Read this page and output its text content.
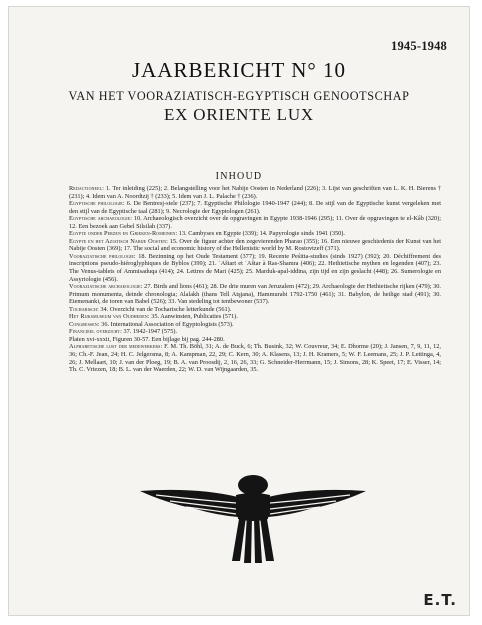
1945-1948
JAARBERICHT N° 10
VAN HET VOORAZIATISCH-EGYPTISCH GENOOTSCHAP
EX ORIENTE LUX
INHOUD

Redactioneel: 1. Ter inleiding (225); 2. Belangstelling voor het Nabije Oosten in Nederland (226); 3. Lijst van geschriften van L. K. H. Bierens † (231); 4. Idem van A. Noordtzij † (233); 5. Idem van J. L. Palache † (236).

Egyptische philologie: 6. De Bentresj-stele (237); 7. Egyptische Philologie 1940-1947 (244); 8. De stijl van de Egyptische kunst vergeleken met den stijl van de Egyptische taal (281); 9. Necrologie der Egyptologen (261).

Egyptische archaeologie: 10. Archaeologisch overzicht over de opgravingen in Egypte 1938-1946 (295); 11. Over de opgravingen te el-Kâb (320); 12. Een bezoek aan Gebel Silsilah (337).

Egypte onder Perzen en Grieken-Romeinen: 13. Cambyses en Egypte (339); 14. Papyrologie sinds 1941 (350).

Egypte en het Aziatisch Nabije Oosten: 15. Over de figuur achter den zegevierenden Pharao (355); 16. Een nieuwe geschiedenis der Kunst van het Nabije Oosten (369); 17. The social and economic history of the Hellenistic world by M. Rostovtzeff (371).

Vooraziatische philologie: 18. Bezinning op het Oude Testament (377); 19. Recente Peśitta-studies (sinds 1927) (392); 20. Déchiffrement des inscriptions pseudo-hiéroglyphiques de Byblos (399); 21. ʿAštart et ʿAštar à Ras-Shamra (406); 22. Hethietische mythen en legenden (407); 23. The Venus-tablets of Ammisaduqa (414); 24. Lettres de Mari (425); 25. Marduk-apal-iddina, zijn tijd en zijn geslacht (448); 26. Sumerologie en Assyriologie (456).

Vooraziatische archaeologie: 27. Birds and lions (461); 28. De drie muren van Jeruzalem (472); 29. Archaeologie der Hethietische rijken (479); 30. Primum monumenta, deinde chronologia; Alalakh (thans Tell Atşjana), Hammurabi 1792-1750 (461); 31. Babylon, de heilige stad (491); 30. Etemenanki, de toren van Babel (526); 33. Van stedeling tot tentbewoner (537).

Tocharisch: 34. Overzicht van de Tocharische letterkunde (561).

Het Rijksmuseum van Oudheden: 35. Aanwinsten, Publicaties (571).

Congressen: 36. International Association of Egyptologists (573).

Financieel overzicht: 37. 1942-1947 (575).

Platen xvi-xxxii, Figuren 30-57. Een bijlage bij pag. 244-280.

Alphabetische lijst der medewerkers: F. M. Th. Böhl, 31; A. de Buck, 6; Th. Busink, 32; W. Couvreur, 34; E. Dhorme (20); J. Jansen, 7, 9, 11, 12, 36; Ch.-F. Jean, 24; H. C. Jelgersma, 8; A. Kampman, 22, 29; C. Kern, 30; A. Klasens, 13; J. H. Kramers, 5; W. F. Leemans, 25; J. P. Lettinga, 4, 26; J. Mellaart, 10; J. van der Ploeg, 19; B. A. van Proosdij, 2, 16, 26, 33; G. Schneider-Herrmann, 15; J. Simons, 28; K. Speet, 17; E. Visser, 14; Th. C. Vriezen, 18; B. L. van der Waerden, 22; W. D. van Wijngaarden, 35.

E.T.
